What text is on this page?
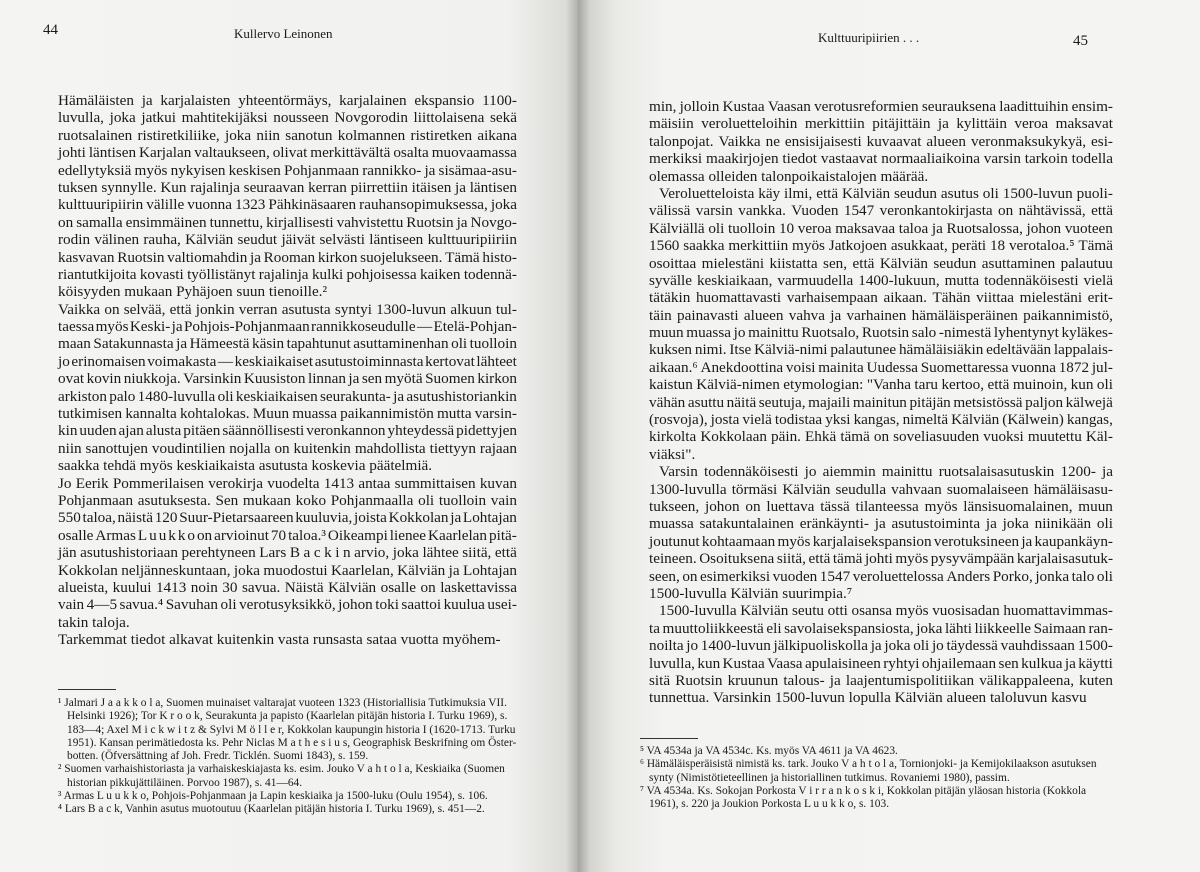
44	Kullervo Leinonen
Hämäläisten ja karjalaisten yhteentörmäys, karjalainen ekspansio 1100-
luvulla, joka jatkui mahtitekijäksi nousseen Novgorodin liittolaisena sekä
ruotsalainen ristiretkiliike, joka niin sanotun kolmannen ristiretken aikana
johti läntisen Karjalan valtaukseen, olivat merkittävältä osalta muovaamassa
edellytyksiä myös nykyisen keskisen Pohjanmaan rannikko- ja sisämaa-asu-
tuksen synnylle. Kun rajalinja seuraavan kerran piirrettiin itäisen ja läntisen
kulttuuripiirin välille vuonna 1323 Pähkinäsaaren rauhansopimuksessa, joka
on samalla ensimmäinen tunnettu, kirjallisesti vahvistettu Ruotsin ja Novgo-
rodin välinen rauha, Kälviän seudut jäivät selvästi läntiseen kulttuuripiiriin
kasvavan Ruotsin valtiomahdin ja Rooman kirkon suojelukseen. Tämä histo-
riantutkijoita kovasti työllistänyt rajalinja kulki pohjoisessa kaiken todennä-
köisyyden mukaan Pyhäjoen suun tienoille.²
Vaikka on selvää, että jonkin verran asutusta syntyi 1300-luvun alkuun tul-
taessa myös Keski- ja Pohjois-Pohjanmaan rannikkoseudulle — Etelä-Pohjan-
maan Satakunnasta ja Hämeestä käsin tapahtunut asuttaminenhan oli tuolloin
jo erinomaisen voimakasta — keskiaikaiset asutustoiminnasta kertovat lähteet
ovat kovin niukkoja. Varsinkin Kuusiston linnan ja sen myötä Suomen kirkon
arkiston palo 1480-luvulla oli keskiaikaisen seurakunta- ja asutushistoriankin
tutkimisen kannalta kohtalokas. Muun muassa paikannimistön mutta varsin-
kin uuden ajan alusta pitäen säännöllisesti veronkannon yhteydessä pidettyjen
niin sanottujen voudintilien nojalla on kuitenkin mahdollista tiettyyn rajaan
saakka tehdä myös keskiaikaista asutusta koskevia päätelmiä.
Jo Eerik Pommerilaisen verokirja vuodelta 1413 antaa summittaisen kuvan
Pohjanmaan asutuksesta. Sen mukaan koko Pohjanmaalla oli tuolloin vain
550 taloa, näistä 120 Suur-Pietarsaareen kuuluvia, joista Kokkolan ja Lohtajan
osalle Armas L u u k k o on arvioinut 70 taloa.³ Oikeampi lienee Kaarlelan pitä-
jän asutushistoriaan perehtyneen Lars B a c k i n arvio, joka lähtee siitä, että
Kokkolan neljänneskuntaan, joka muodostui Kaarlelan, Kälviän ja Lohtajan
alueista, kuului 1413 noin 30 savua. Näistä Kälviän osalle on laskettavissa
vain 4—5 savua.⁴ Savuhan oli verotusyksikkö, johon toki saattoi kuulua usei-
takin taloja.
Tarkemmat tiedot alkavat kuitenkin vasta runsasta sataa vuotta myöhem-
¹ Jalmari J a a k k o l a, Suomen muinaiset valtarajat vuoteen 1323 (Historiallisia Tutkimuksia VII.
Helsinki 1926); Tor K r o o k, Seurakunta ja papisto (Kaarlelan pitäjän historia I. Turku 1969), s.
183—4; Axel M i c k w i t z & Sylvi M ö l l e r, Kokkolan kaupungin historia I (1620-1713. Turku
1951). Kansan perimätiedosta ks. Pehr Niclas M a t h e s i u s, Geographisk Beskrifning om Öster-
botten. (Öfversättning af Joh. Fredr. Ticklén. Suomi 1843), s. 159.
² Suomen varhaishistoriasta ja varhaiskeskiajasta ks. esim. Jouko V a h t o l a, Keskiaika (Suomen
historian pikkujättiläinen. Porvoo 1987), s. 41—64.
³ Armas L u u k k o, Pohjois-Pohjanmaan ja Lapin keskiaika ja 1500-luku (Oulu 1954), s. 106.
⁴ Lars B a c k, Vanhin asutus muotoutuu (Kaarlelan pitäjän historia I. Turku 1969), s. 451—2.
Kulttuuripiirien . . .	45
min, jolloin Kustaa Vaasan verotusreformien seurauksena laadittuihin ensim-
mäisiin veroluetteloihin merkittiin pitäjittäin ja kylittäin veroa maksavat
talonpojat. Vaikka ne ensisijaisesti kuvaavat alueen veronmaksukykyä, esi-
merkiksi maakirjojen tiedot vastaavat normaaliaikoina varsin tarkoin todella
olemassa olleiden talonpoikaistalojen määrää.
Veroluetteloista käy ilmi, että Kälviän seudun asutus oli 1500-luvun puoli-
välissä varsin vankka. Vuoden 1547 veronkantokirjasta on nähtävissä, että
Kälviällä oli tuolloin 10 veroa maksavaa taloa ja Ruotsalossa, johon vuoteen
1560 saakka merkittiin myös Jatkojoen asukkaat, peräti 18 verotaloa.⁵ Tämä
osoittaa mielestäni kiistatta sen, että Kälviän seudun asuttaminen palautuu
syvälle keskiaikaan, varmuudella 1400-lukuun, mutta todennäköisesti vielä
tätäkin huomattavasti varhaisempaan aikaan. Tähän viittaa mielestäni erit-
täin painavasti alueen vahva ja varhainen hämäläisperäinen paikannimistö,
muun muassa jo mainittu Ruotsalo, Ruotsin salo -nimestä lyhentynyt kyläkes-
kuksen nimi. Itse Kälviä-nimi palautunee hämäläisiäkin edeltävään lappalais-
aikaan.⁶ Anekdoottina voisi mainita Uudessa Suomettaressa vuonna 1872 jul-
kaistun Kälviä-nimen etymologian: "Vanha taru kertoo, että muinoin, kun oli
vähän asuttu näitä seutuja, majaili mainitun pitäjän metsistössä paljon kälwejä
(rosvoja), josta vielä todistaa yksi kangas, nimeltä Kälviän (Kälwein) kangas,
kirkolta Kokkolaan päin. Ehkä tämä on soveliasuuden vuoksi muutettu Käl-
viäksi".
Varsin todennäköisesti jo aiemmin mainittu ruotsalaisasutuskin 1200- ja
1300-luvulla törmäsi Kälviän seudulla vahvaan suomalaiseen hämäläisasu-
tukseen, johon on luettava tässä tilanteessa myös länsisuomalainen, muun
muassa satakuntalainen eränkäynti- ja asutustoiminta ja joka niinikään oli
joutunut kohtaamaan myös karjalaisekspansion verotuksineen ja kaupankäyn-
teineen. Osoituksena siitä, että tämä johti myös pysyvämpään karjalaisasutuk-
seen, on esimerkiksi vuoden 1547 veroluettelossa Anders Porko, jonka talo oli
1500-luvulla Kälviän suurimpia.⁷
1500-luvulla Kälviän seutu otti osansa myös vuosisadan huomattavimmas-
ta muuttoliikkeestä eli savolaisekspansiosta, joka lähti liikkeelle Saimaan ran-
noilta jo 1400-luvun jälkipuoliskolla ja joka oli jo täydessä vauhdissaan 1500-
luvulla, kun Kustaa Vaasa apulaisineen ryhtyi ohjailemaan sen kulkua ja käytti
sitä Ruotsin kruunun talous- ja laajentumispolitiikan välikappaleena, kuten
tunnettua. Varsinkin 1500-luvun lopulla Kälviän alueen taloluvun kasvu
⁵ VA 4534a ja VA 4534c. Ks. myös VA 4611 ja VA 4623.
⁶ Hämäläisperäisistä nimistä ks. tark. Jouko V a h t o l a, Tornionjoki- ja Kemijokilaakson asutuksen
synty (Nimistötieteellinen ja historiallinen tutkimus. Rovaniemi 1980), passim.
⁷ VA 4534a. Ks. Sokojan Porkosta V i r r a n k o s k i, Kokkolan pitäjän yläosan historia (Kokkola
1961), s. 220 ja Joukion Porkosta L u u k k o, s. 103.
